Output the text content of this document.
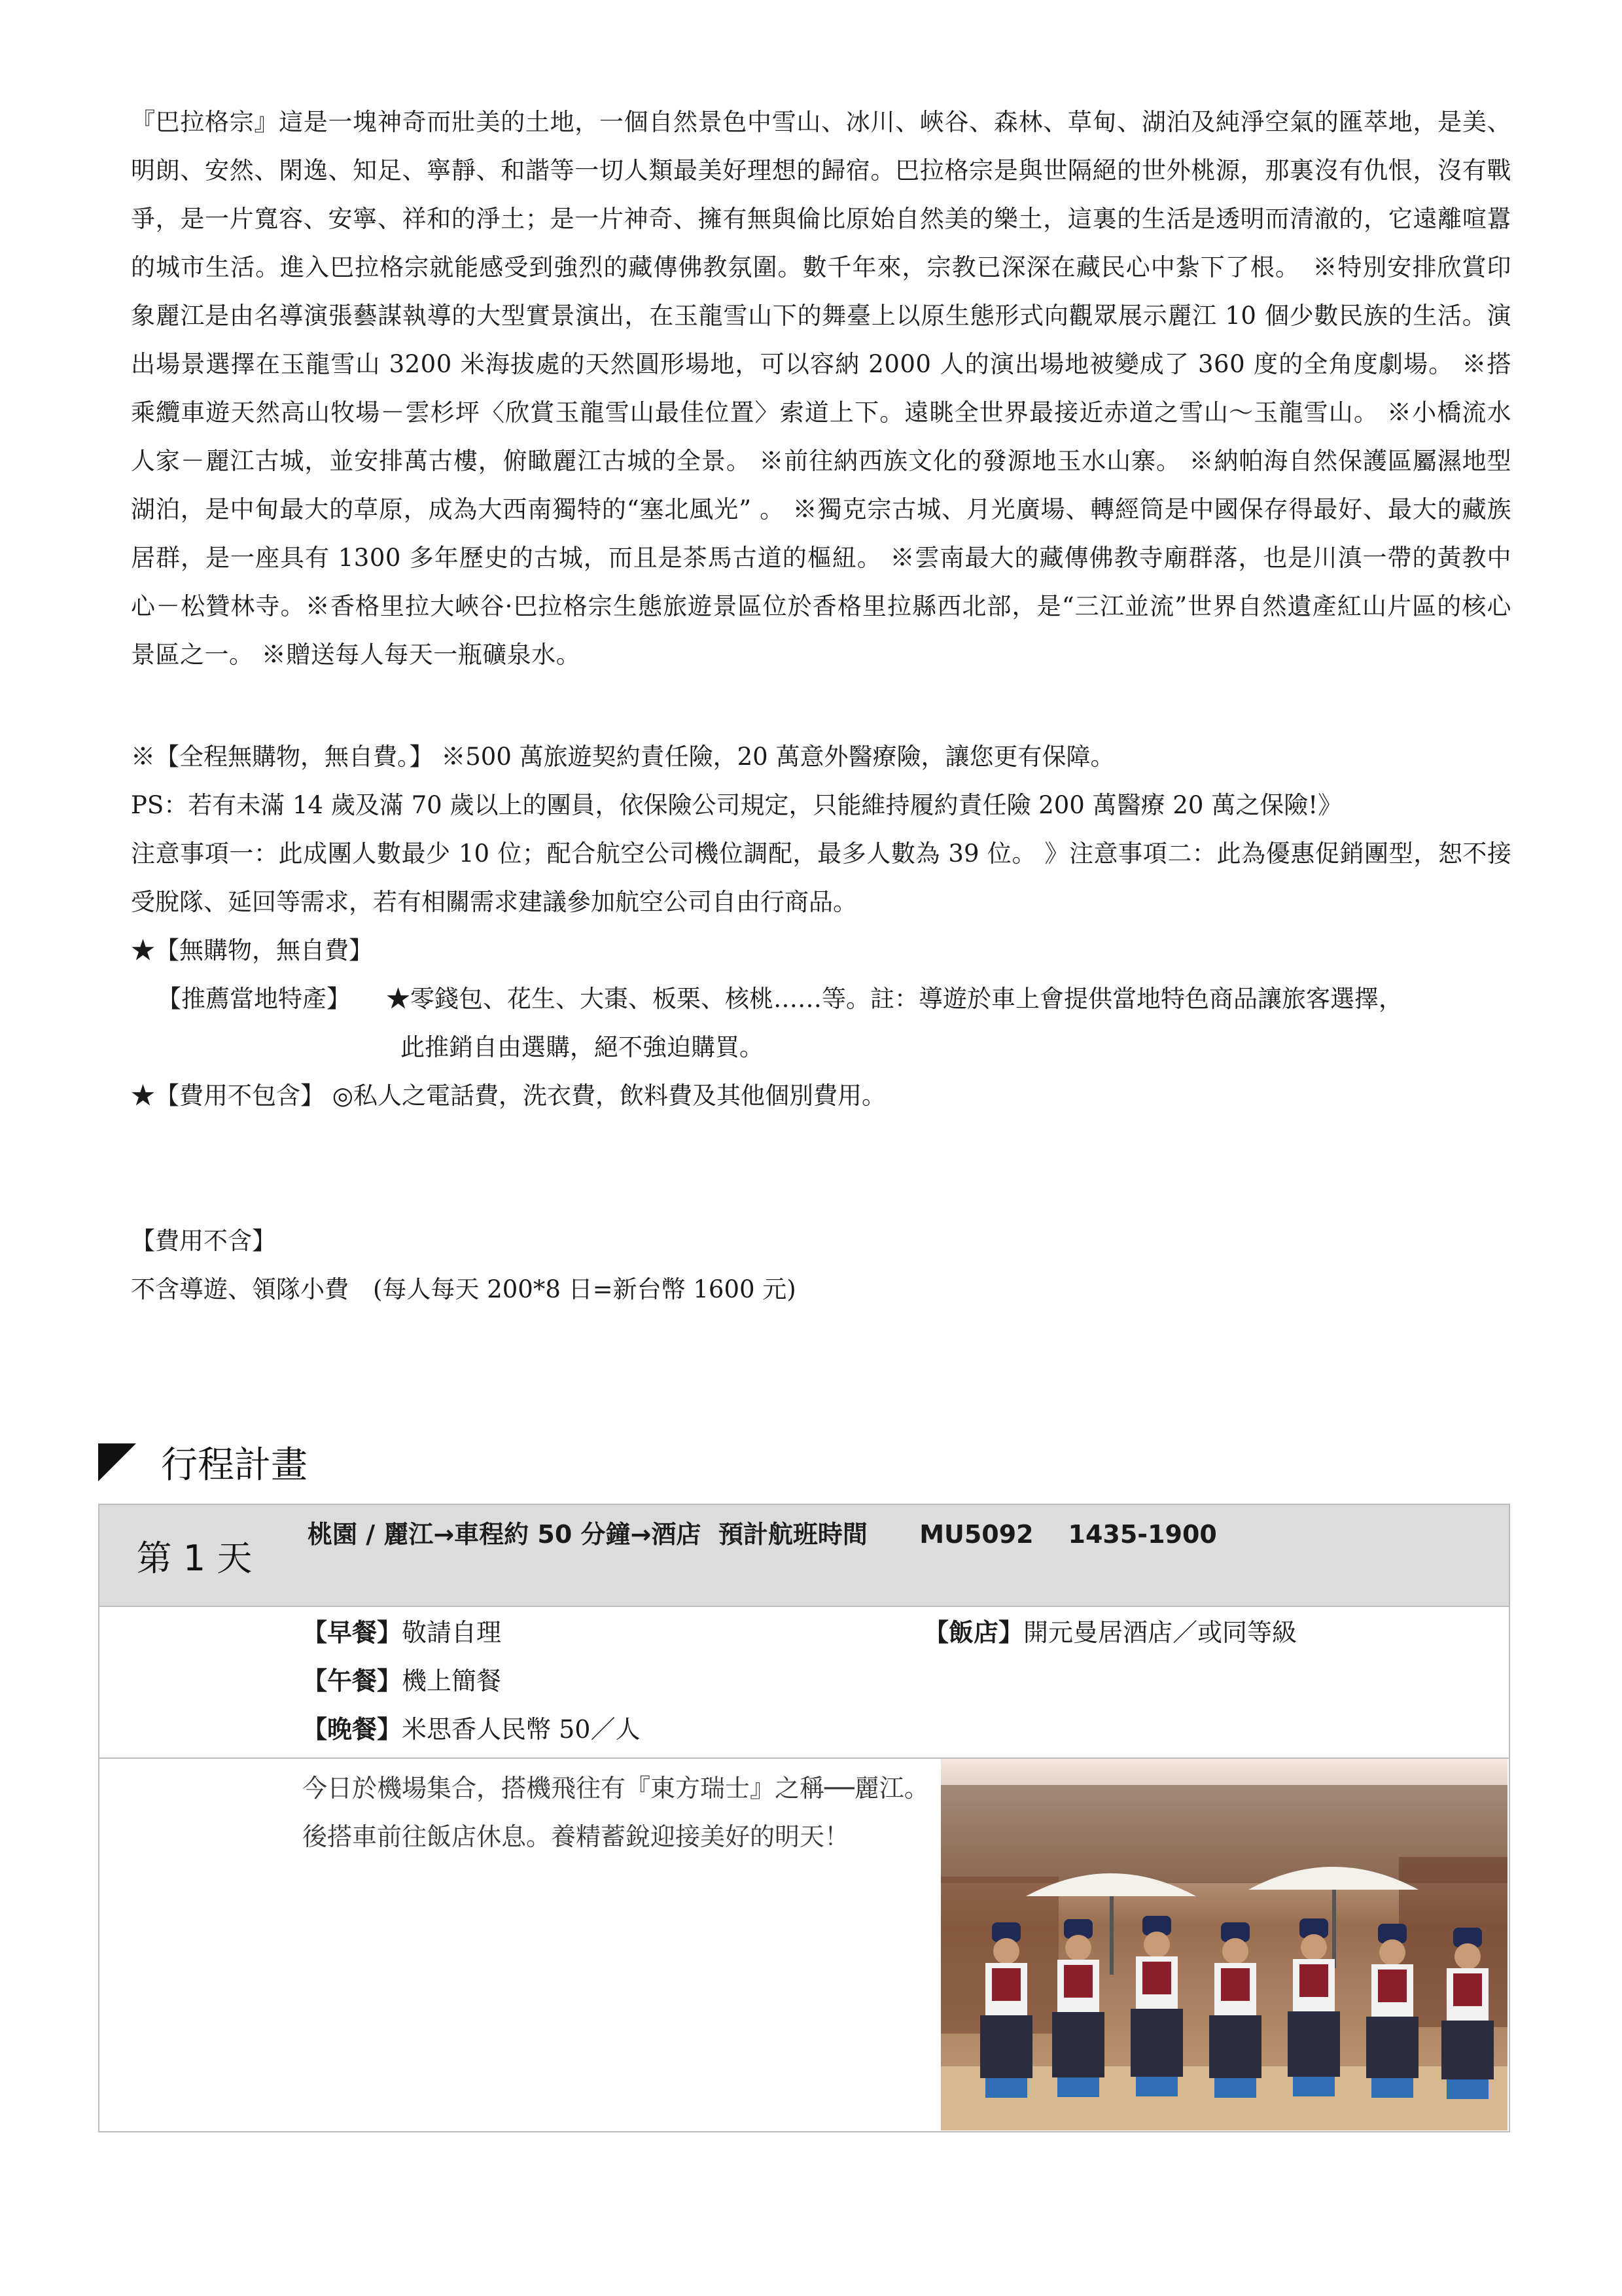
『巴拉格宗』這是一塊神奇而壯美的土地，一個自然景色中雪山、冰川、峽谷、森林、草甸、湖泊及純淨空氣的匯萃地，是美、明朗、安然、閑逸、知足、寧靜、和諧等一切人類最美好理想的歸宿。巴拉格宗是與世隔絕的世外桃源，那裏沒有仇恨，沒有戰爭，是一片寬容、安寧、祥和的淨土；是一片神奇、擁有無與倫比原始自然美的樂土，這裏的生活是透明而清澈的，它遠離喧囂的城市生活。進入巴拉格宗就能感受到強烈的藏傳佛教氛圍。數千年來，宗教已深深在藏民心中紮下了根。　※特別安排欣賞印象麗江是由名導演張藝謀執導的大型實景演出，在玉龍雪山下的舞臺上以原生態形式向觀眾展示麗江 10 個少數民族的生活。演出場景選擇在玉龍雪山 3200 米海拔處的天然圓形場地，可以容納 2000 人的演出場地被變成了 360 度的全角度劇場。 ※搭乘纜車遊天然高山牧場－雲杉坪〈欣賞玉龍雪山最佳位置〉索道上下。遠眺全世界最接近赤道之雪山～玉龍雪山。 ※小橋流水人家－麗江古城，並安排萬古樓，俯瞰麗江古城的全景。 ※前往納西族文化的發源地玉水山寨。 ※納帕海自然保護區屬濕地型湖泊，是中甸最大的草原，成為大西南獨特的“塞北風光” 。 ※獨克宗古城、月光廣場、轉經筒是中國保存得最好、最大的藏族居群，是一座具有 1300 多年歷史的古城，而且是茶馬古道的樞紐。 ※雲南最大的藏傳佛教寺廟群落，也是川滇一帶的黃教中心－松贊林寺。※香格里拉大峽谷·巴拉格宗生態旅遊景區位於香格里拉縣西北部，是“三江並流”世界自然遺產紅山片區的核心景區之一。 ※贈送每人每天一瓶礦泉水。
※【全程無購物，無自費。】 ※500 萬旅遊契約責任險，20 萬意外醫療險，讓您更有保障。
PS：若有未滿 14 歲及滿 70 歲以上的團員，依保險公司規定，只能維持履約責任險 200 萬醫療 20 萬之保險!》
注意事項一：此成團人數最少 10 位；配合航空公司機位調配，最多人數為 39 位。 》注意事項二：此為優惠促銷團型，恕不接受脫隊、延回等需求，若有相關需求建議參加航空公司自由行商品。
★【無購物，無自費】
【推薦當地特產】 ★零錢包、花生、大棗、板栗、核桃……等。註：導遊於車上會提供當地特色商品讓旅客選擇，
此推銷自由選購，絕不強迫購買。
★【費用不包含】 ◎私人之電話費，洗衣費，飲料費及其他個別費用。
【費用不含】
不含導遊、領隊小費　(每人每天 200*8 日=新台幣 1600 元)
行程計畫
第 1 天
桃園 / 麗江→車程約 50 分鐘→酒店  預計航班時間      MU5092    1435-1900
【早餐】敬請自理
【午餐】機上簡餐
【晚餐】米思香人民幣 50／人
【飯店】開元曼居酒店／或同等級
今日於機場集合，搭機飛往有『東方瑞士』之稱──麗江。後搭車前往飯店休息。養精蓄銳迎接美好的明天！
